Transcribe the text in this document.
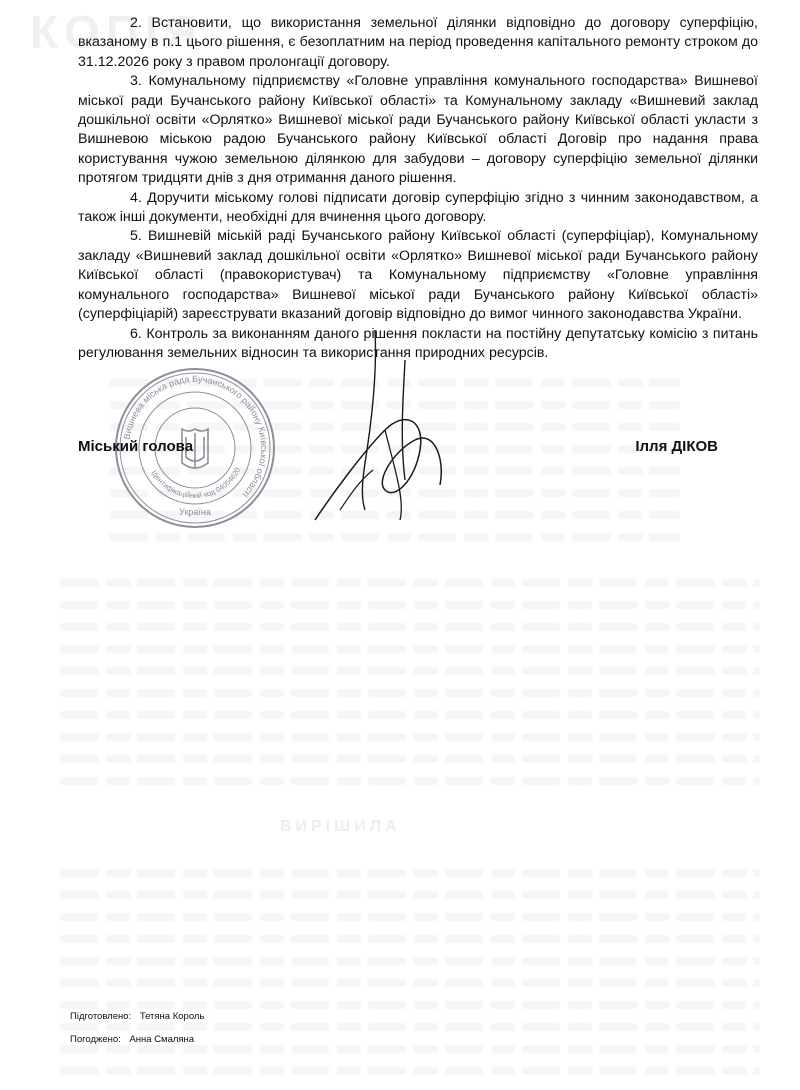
КОПІЯ
ВИРІШИЛА

2. Встановити, що використання земельної ділянки відповідно до договору суперфіцію, вказаному в п.1 цього рішення, є безоплатним на період проведення капітального ремонту строком до 31.12.2026 року з правом пролонгації договору.

3. Комунальному підприємству «Головне управління комунального господарства» Вишневої міської ради Бучанського району Київської області» та Комунальному закладу «Вишневий заклад дошкільної освіти «Орлятко» Вишневої міської ради Бучанського району Київської області укласти з Вишневою міською радою Бучанського району Київської області Договір про надання права користування чужою земельною ділянкою для забудови – договору суперфіцію земельної ділянки протягом тридцяти днів з дня отримання даного рішення.

4. Доручити міському голові підписати договір суперфіцію згідно з чинним законодавством, а також інші документи, необхідні для вчинення цього договору.

5. Вишневій міській раді Бучанського району Київської області (суперфіціар), Комунальному закладу «Вишневий заклад дошкільної освіти «Орлятко» Вишневої міської ради Бучанського району Київської області (правокористувач) та Комунальному підприємству «Головне управління комунального господарства» Вишневої міської ради Бучанського району Київської області» (суперфіціарій) зареєструвати вказаний договір відповідно до вимог чинного законодавства України.

6. Контроль за виконанням даного рішення покласти на постійну депутатську комісію з питань регулювання земельних відносин та використання природних ресурсів.

Вишнева міська рада Бучанського району Київської області
Ідентифікаційний код 04054620
Україна
Міський голова	Ілля ДІКОВ
Підготовлено: Тетяна Король
Погоджено: Анна Смаляна
